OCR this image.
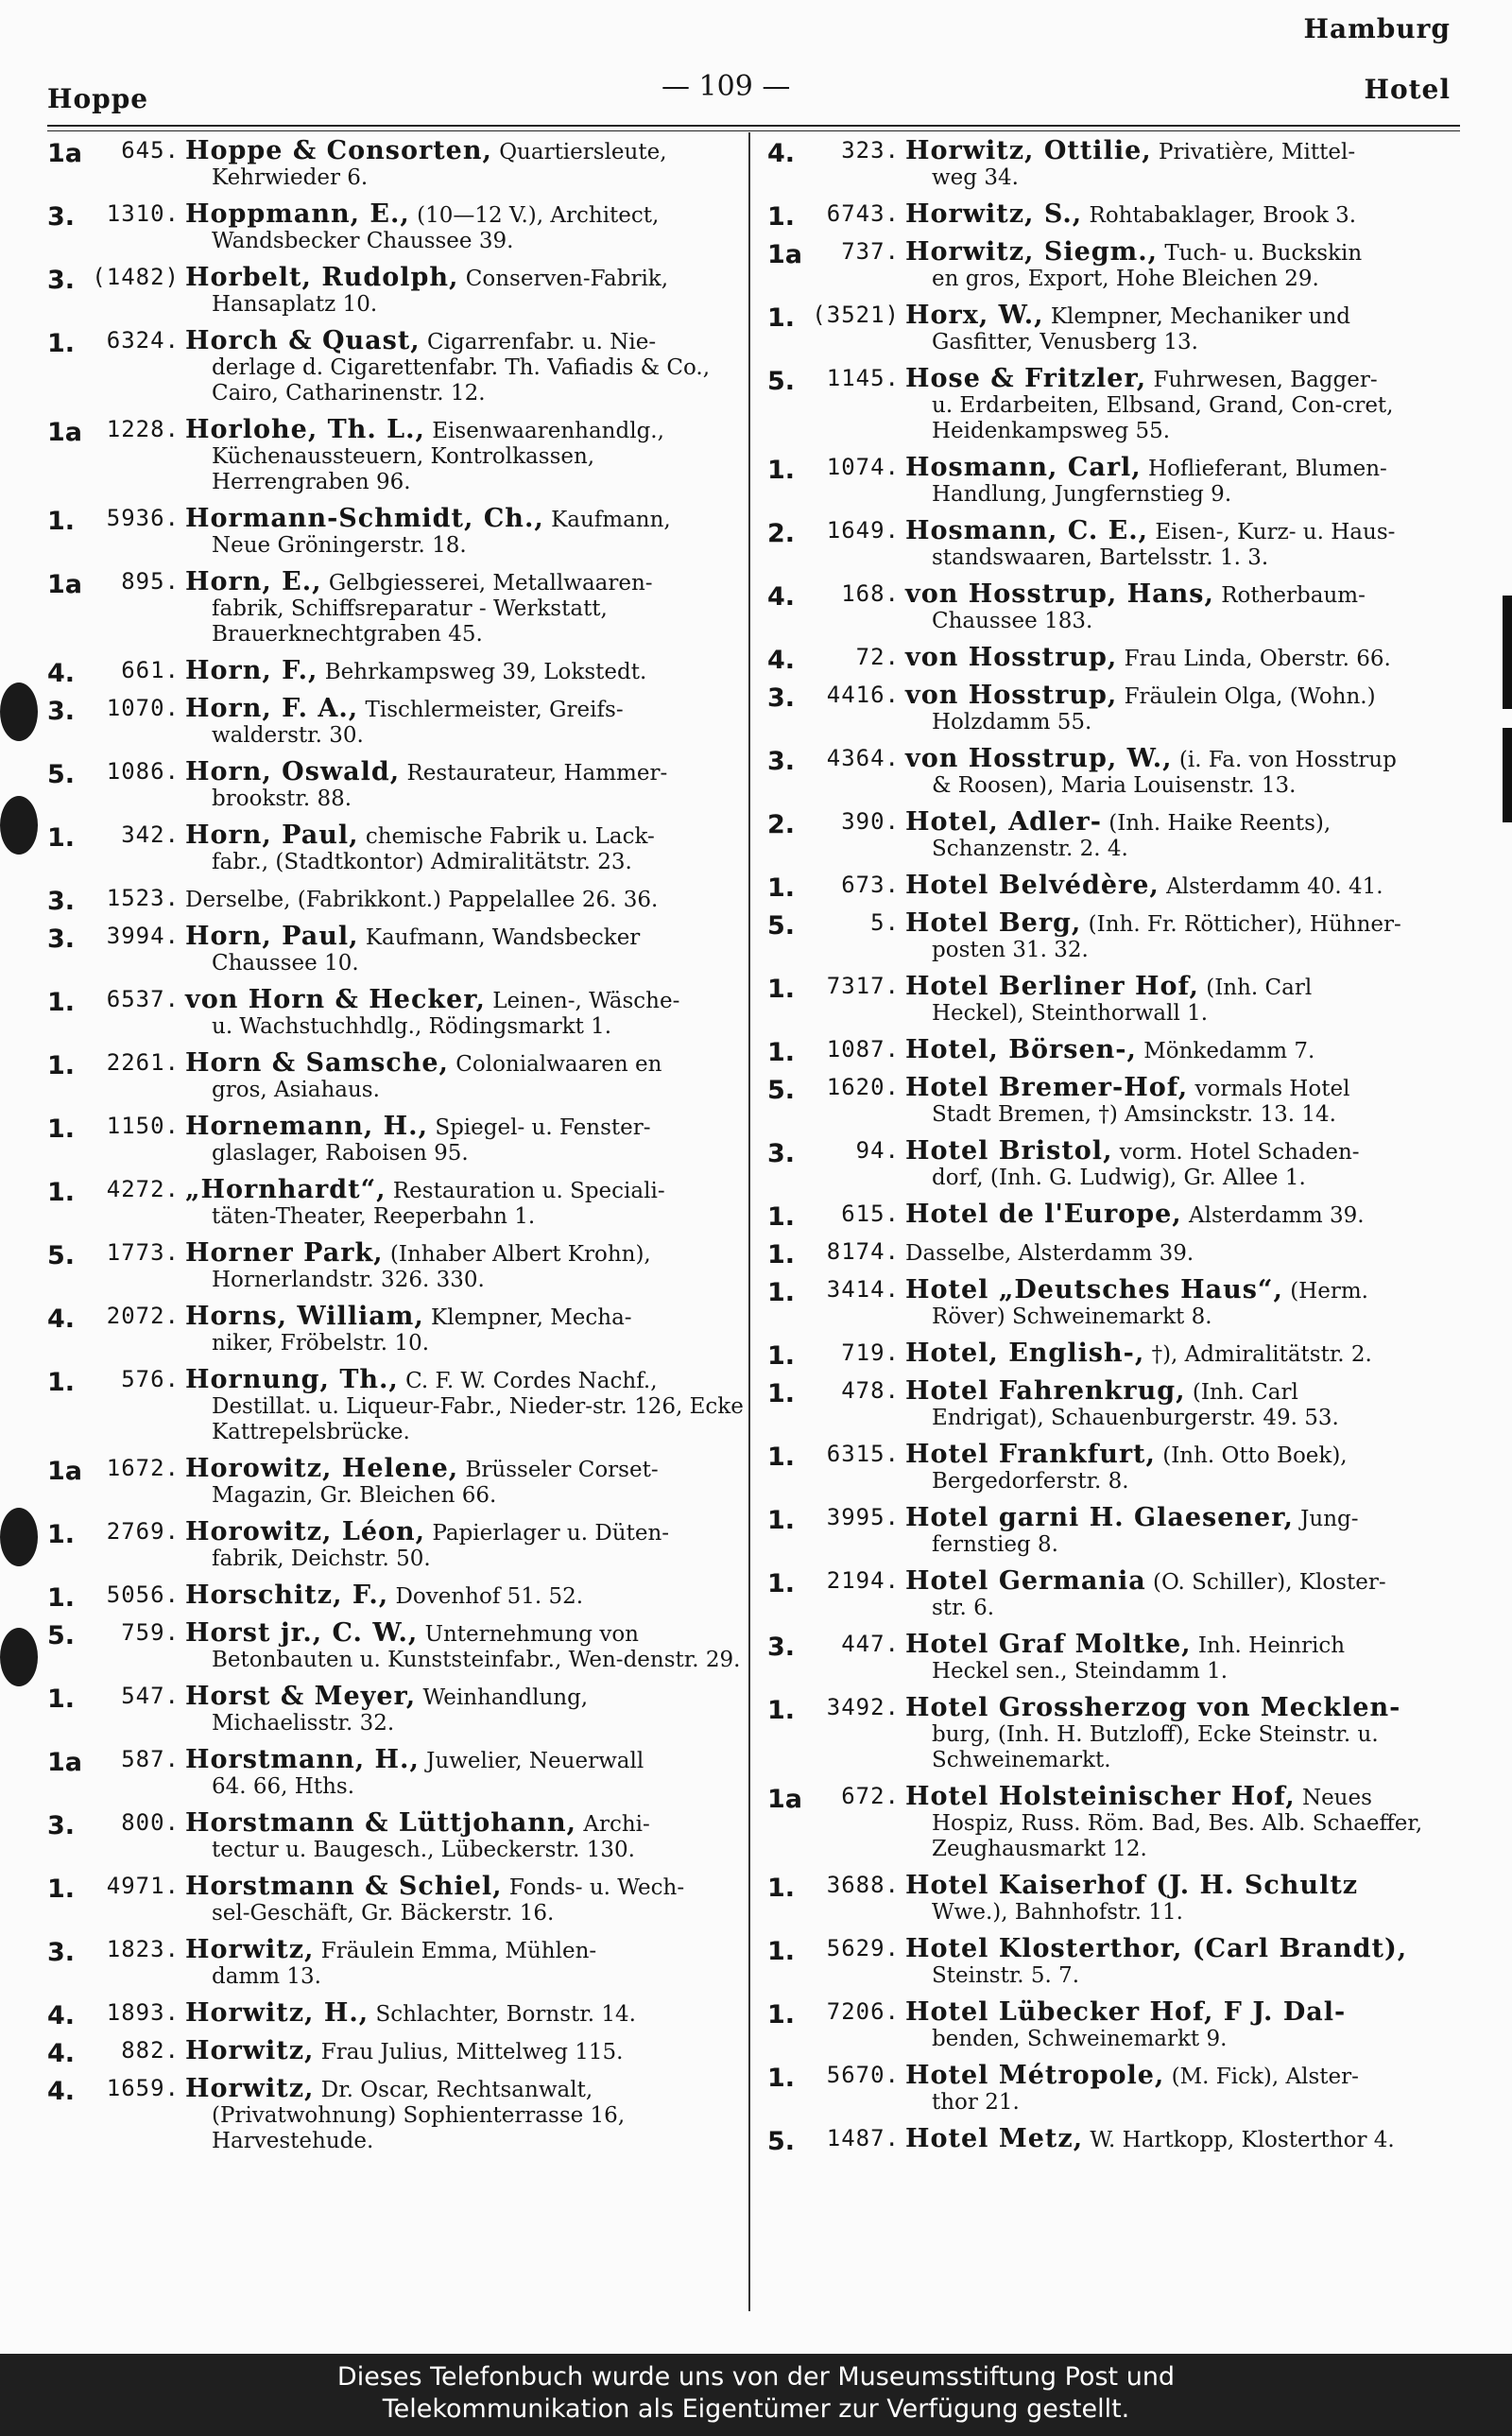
Hoppe	— 109 —
Hamburg
Hotel
1a	645. Hoppe & Consorten, Quartiersleute,
Kehrwieder 6.
3.	1310. Hoppmann, E., (10—12 V.), Architect,
Wandsbecker Chaussee 39.
3. (1482) Horbelt, Rudolph, Conserven-Fabrik,
Hansaplatz 10.
1.	6324. Horch & Quast, Cigarrenfabr. u. Nie-
derlage d. Cigarettenfabr. Th. Vafiadis & Co., Cairo, Catharinenstr. 12.
1a	1228. Horlohe, Th. L., Eisenwaarenhandlg.,
Küchenaussteuern, Kontrolkassen, Herrengraben 96.
1.	5936. Hormann-Schmidt, Ch., Kaufmann,
Neue Gröningerstr. 18.
1a	895. Horn, E., Gelbgiesserei, Metallwaaren-
fabrik, Schiffsreparatur - Werkstatt, Brauerknechtgraben 45.
4.	661. Horn, F., Behrkampsweg 39, Lokstedt.
3.	1070. Horn, F. A., Tischlermeister, Greifs-
walderstr. 30.
5.	1086. Horn, Oswald, Restaurateur, Hammer-
brookstr. 88.
1.	342. Horn, Paul, chemische Fabrik u. Lack-
fabr., (Stadtkontor) Admiralitätstr. 23.
3.	1523. Derselbe, (Fabrikkont.) Pappelallee 26. 36.
3.	3994. Horn, Paul, Kaufmann, Wandsbecker
Chaussee 10.
1.	6537. von Horn & Hecker, Leinen-, Wäsche-
u. Wachstuchhdlg., Rödingsmarkt 1.
1.	2261. Horn & Samsche, Colonialwaaren en
gros, Asiahaus.
1.	1150. Hornemann, H., Spiegel- u. Fenster-
glaslager, Raboisen 95.
1.	4272. „Hornhardt“, Restauration u. Speciali-
täten-Theater, Reeperbahn 1.
5.	1773. Horner Park, (Inhaber Albert Krohn),
Hornerlandstr. 326. 330.
4.	2072. Horns, William, Klempner, Mecha-
niker, Fröbelstr. 10.
1.	576. Hornung, Th., C. F. W. Cordes Nachf.,
Destillat. u. Liqueur-Fabr., Nieder-str. 126, Ecke Kattrepelsbrücke.
1a	1672. Horowitz, Helene, Brüsseler Corset-
Magazin, Gr. Bleichen 66.
1.	2769. Horowitz, Léon, Papierlager u. Düten-
fabrik, Deichstr. 50.
1.	5056. Horschitz, F., Dovenhof 51. 52.
5.	759. Horst jr., C. W., Unternehmung von
Betonbauten u. Kunststeinfabr., Wen-denstr. 29.
1.	547. Horst & Meyer, Weinhandlung,
Michaelisstr. 32.
1a	587. Horstmann, H., Juwelier, Neuerwall
64. 66, Hths.
3.	800. Horstmann & Lüttjohann, Archi-
tectur u. Baugesch., Lübeckerstr. 130.
1.	4971. Horstmann & Schiel, Fonds- u. Wech-
sel-Geschäft, Gr. Bäckerstr. 16.
3.	1823. Horwitz, Fräulein Emma, Mühlen-
damm 13.
4.	1893. Horwitz, H., Schlachter, Bornstr. 14.
4.	882. Horwitz, Frau Julius, Mittelweg 115.
4.	1659. Horwitz, Dr. Oscar, Rechtsanwalt,
(Privatwohnung) Sophienterrasse 16, Harvestehude.
4.	323. Horwitz, Ottilie, Privatière, Mittel-
weg 34.
1.	6743. Horwitz, S., Rohtabaklager, Brook 3.
1a	737. Horwitz, Siegm., Tuch- u. Buckskin
en gros, Export, Hohe Bleichen 29.
1. (3521) Horx, W., Klempner, Mechaniker und
Gasfitter, Venusberg 13.
5.	1145. Hose & Fritzler, Fuhrwesen, Bagger-
u. Erdarbeiten, Elbsand, Grand, Con-cret, Heidenkampsweg 55.
1.	1074. Hosmann, Carl, Hoflieferant, Blumen-
Handlung, Jungfernstieg 9.
2.	1649. Hosmann, C. E., Eisen-, Kurz- u. Haus-
standswaaren, Bartelsstr. 1. 3.
4.	168. von Hosstrup, Hans, Rotherbaum-
Chaussee 183.
4.	72. von Hosstrup, Frau Linda, Oberstr. 66.
3.	4416. von Hosstrup, Fräulein Olga, (Wohn.)
Holzdamm 55.
3.	4364. von Hosstrup, W., (i. Fa. von Hosstrup
& Roosen), Maria Louisenstr. 13.
2.	390. Hotel, Adler- (Inh. Haike Reents),
Schanzenstr. 2. 4.
1.	673. Hotel Belvédère, Alsterdamm 40. 41.
5.	5. Hotel Berg, (Inh. Fr. Rötticher), Hühner-
posten 31. 32.
1.	7317. Hotel Berliner Hof, (Inh. Carl
Heckel), Steinthorwall 1.
1.	1087. Hotel, Börsen-, Mönkedamm 7.
5.	1620. Hotel Bremer-Hof, vormals Hotel
Stadt Bremen, †) Amsinckstr. 13. 14.
3.	94. Hotel Bristol, vorm. Hotel Schaden-
dorf, (Inh. G. Ludwig), Gr. Allee 1.
1.	615. Hotel de l'Europe, Alsterdamm 39.
1.	8174. Dasselbe, Alsterdamm 39.
1.	3414. Hotel „Deutsches Haus“, (Herm.
Röver) Schweinemarkt 8.
1.	719. Hotel, English-, †), Admiralitätstr. 2.
1.	478. Hotel Fahrenkrug, (Inh. Carl
Endrigat), Schauenburgerstr. 49. 53.
1.	6315. Hotel Frankfurt, (Inh. Otto Boek),
Bergedorferstr. 8.
1.	3995. Hotel garni H. Glaesener, Jung-
fernstieg 8.
1.	2194. Hotel Germania (O. Schiller), Kloster-
str. 6.
3.	447. Hotel Graf Moltke, Inh. Heinrich
Heckel sen., Steindamm 1.
1.	3492. Hotel Grossherzog von Mecklen-
burg, (Inh. H. Butzloff), Ecke Steinstr. u. Schweinemarkt.
1a	672. Hotel Holsteinischer Hof, Neues
Hospiz, Russ. Röm. Bad, Bes. Alb. Schaeffer, Zeughausmarkt 12.
1.	3688. Hotel Kaiserhof (J. H. Schultz
Wwe.), Bahnhofstr. 11.
1.	5629. Hotel Klosterthor, (Carl Brandt),
Steinstr. 5. 7.
1.	7206. Hotel Lübecker Hof, F J. Dal-
benden, Schweinemarkt 9.
1.	5670. Hotel Métropole, (M. Fick), Alster-
thor 21.
5.	1487. Hotel Metz, W. Hartkopp, Klosterthor 4.
Dieses Telefonbuch wurde uns von der Museumsstiftung Post und
Telekommunikation als Eigentümer zur Verfügung gestellt.
